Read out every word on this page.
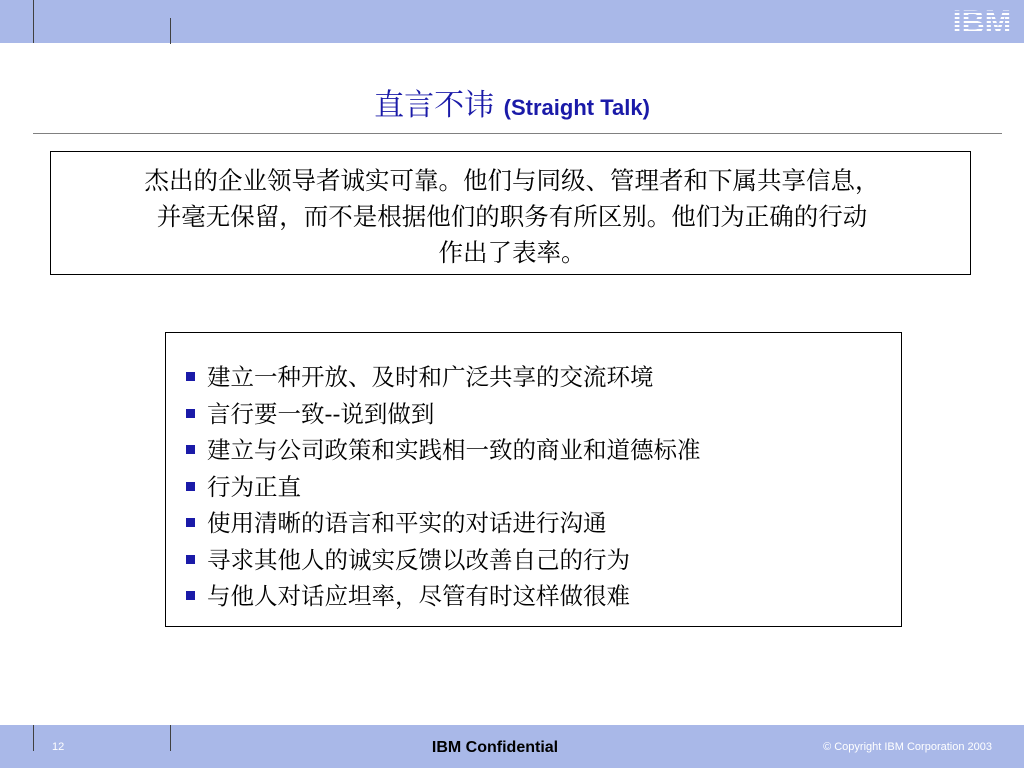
IBM
直言不讳 (Straight Talk)
杰出的企业领导者诚实可靠。他们与同级、管理者和下属共享信息，
并毫无保留，而不是根据他们的职务有所区别。他们为正确的行动
作出了表率。
建立一种开放、及时和广泛共享的交流环境
言行要一致--说到做到
建立与公司政策和实践相一致的商业和道德标准
行为正直
使用清晰的语言和平实的对话进行沟通
寻求其他人的诚实反馈以改善自己的行为
与他人对话应坦率，尽管有时这样做很难
12	IBM Confidential	© Copyright IBM Corporation 2003
